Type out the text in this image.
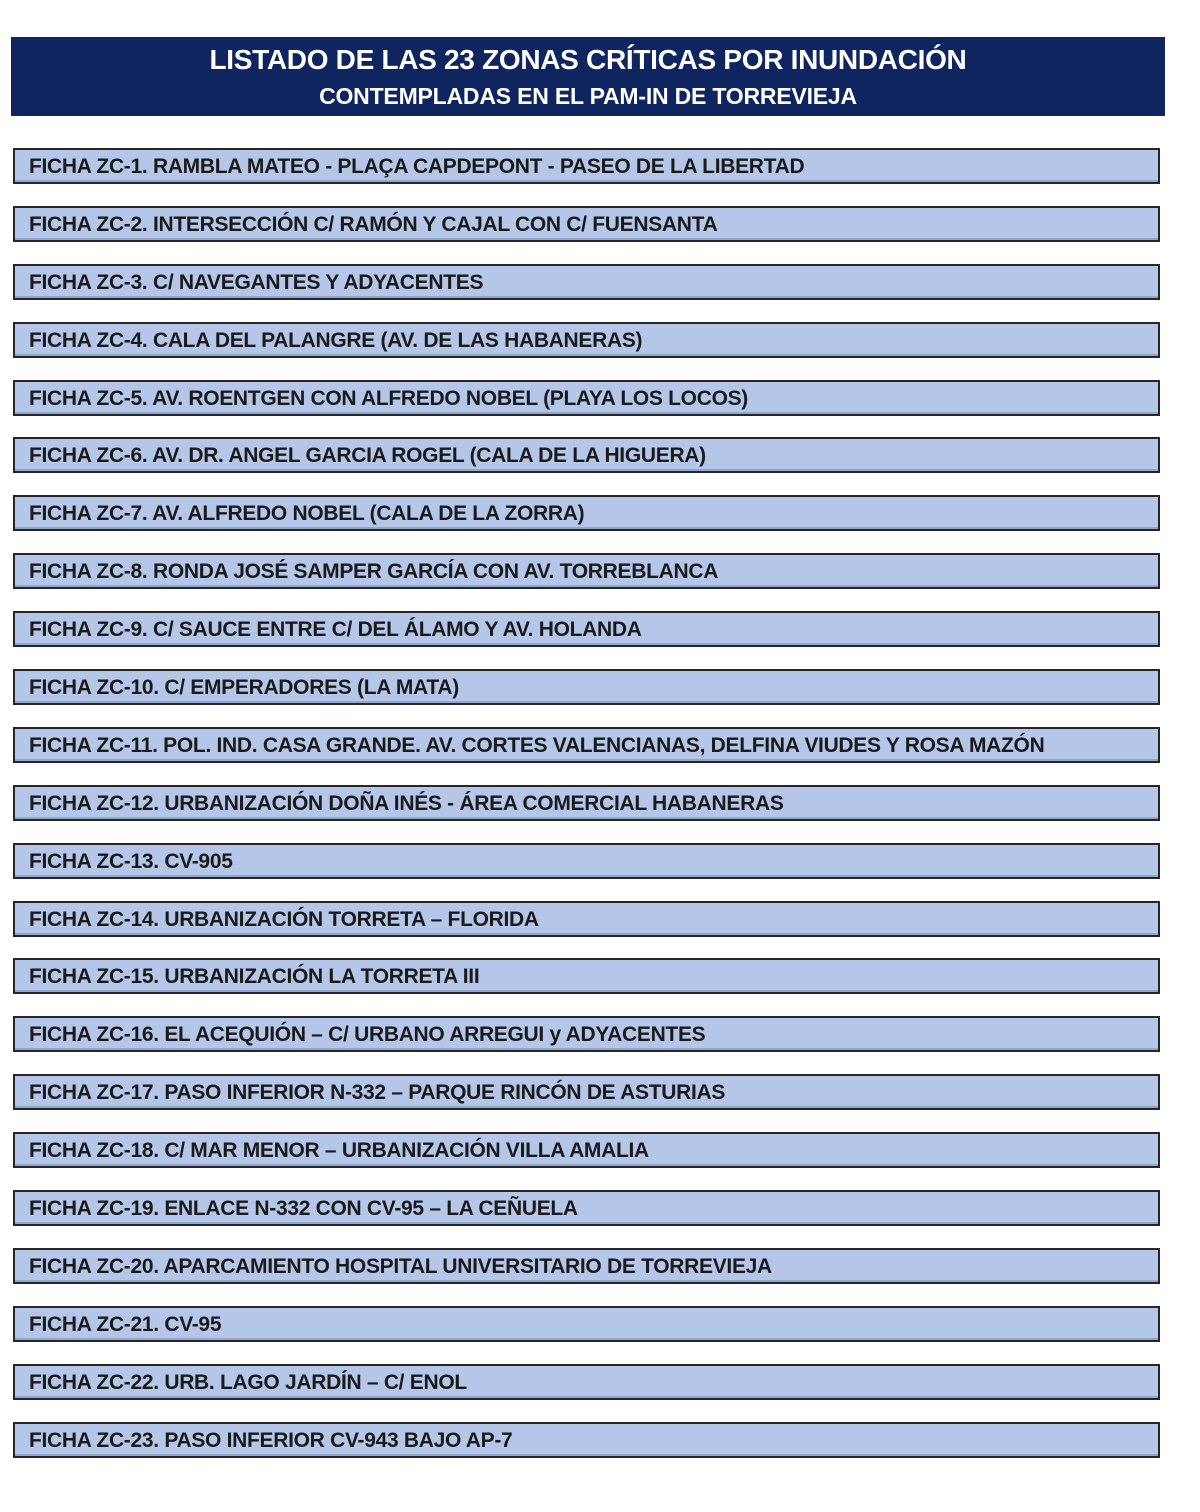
LISTADO DE LAS 23 ZONAS CRÍTICAS POR INUNDACIÓN
CONTEMPLADAS EN EL PAM-IN DE TORREVIEJA
FICHA ZC-1. RAMBLA MATEO - PLAÇA CAPDEPONT - PASEO DE LA LIBERTAD
FICHA ZC-2. INTERSECCIÓN C/ RAMÓN Y CAJAL CON C/ FUENSANTA
FICHA ZC-3. C/ NAVEGANTES Y ADYACENTES
FICHA ZC-4. CALA DEL PALANGRE (AV. DE LAS HABANERAS)
FICHA ZC-5. AV. ROENTGEN CON ALFREDO NOBEL (PLAYA LOS LOCOS)
FICHA ZC-6. AV. DR. ANGEL GARCIA ROGEL (CALA DE LA HIGUERA)
FICHA ZC-7. AV. ALFREDO NOBEL (CALA DE LA ZORRA)
FICHA ZC-8. RONDA JOSÉ SAMPER GARCÍA CON AV. TORREBLANCA
FICHA ZC-9. C/ SAUCE ENTRE C/ DEL ÁLAMO Y AV. HOLANDA
FICHA ZC-10. C/ EMPERADORES (LA MATA)
FICHA ZC-11. POL. IND. CASA GRANDE. AV. CORTES VALENCIANAS, DELFINA VIUDES Y ROSA MAZÓN
FICHA ZC-12. URBANIZACIÓN DOÑA INÉS - ÁREA COMERCIAL HABANERAS
FICHA ZC-13. CV-905
FICHA ZC-14. URBANIZACIÓN TORRETA – FLORIDA
FICHA ZC-15. URBANIZACIÓN LA TORRETA III
FICHA ZC-16. EL ACEQUIÓN – C/ URBANO ARREGUI y ADYACENTES
FICHA ZC-17. PASO INFERIOR N-332 – PARQUE RINCÓN DE ASTURIAS
FICHA ZC-18. C/ MAR MENOR – URBANIZACIÓN VILLA AMALIA
FICHA ZC-19. ENLACE N-332 CON CV-95 – LA CEÑUELA
FICHA ZC-20. APARCAMIENTO HOSPITAL UNIVERSITARIO DE TORREVIEJA
FICHA ZC-21. CV-95
FICHA ZC-22. URB. LAGO JARDÍN – C/ ENOL
FICHA ZC-23. PASO INFERIOR CV-943 BAJO AP-7
